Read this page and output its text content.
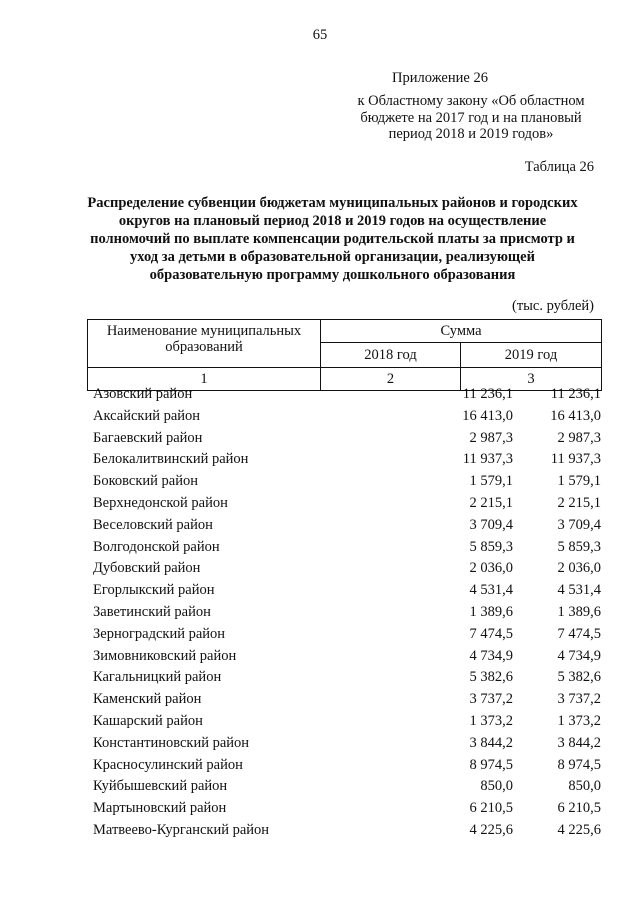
65
Приложение 26
к Областному закону «Об областном бюджете на 2017 год и на плановый период 2018 и 2019 годов»
Таблица 26
Распределение субвенции бюджетам муниципальных районов и городских округов на плановый период 2018 и 2019 годов на осуществление полномочий по выплате компенсации родительской платы за присмотр и уход за детьми в образовательной организации, реализующей образовательную программу дошкольного образования
(тыс. рублей)
Наименование муниципальных образований	Сумма	
	2018 год	2019 год
1	2	3
Азовский район	11 236,1	11 236,1
Аксайский район	16 413,0	16 413,0
Багаевский район	2 987,3	2 987,3
Белокалитвинский район	11 937,3	11 937,3
Боковский район	1 579,1	1 579,1
Верхнедонской район	2 215,1	2 215,1
Веселовский район	3 709,4	3 709,4
Волгодонской район	5 859,3	5 859,3
Дубовский район	2 036,0	2 036,0
Егорлыкский район	4 531,4	4 531,4
Заветинский район	1 389,6	1 389,6
Зерноградский район	7 474,5	7 474,5
Зимовниковский район	4 734,9	4 734,9
Кагальницкий район	5 382,6	5 382,6
Каменский район	3 737,2	3 737,2
Кашарский район	1 373,2	1 373,2
Константиновский район	3 844,2	3 844,2
Красносулинский район	8 974,5	8 974,5
Куйбышевский район	850,0	850,0
Мартыновский район	6 210,5	6 210,5
Матвеево-Курганский район	4 225,6	4 225,6
